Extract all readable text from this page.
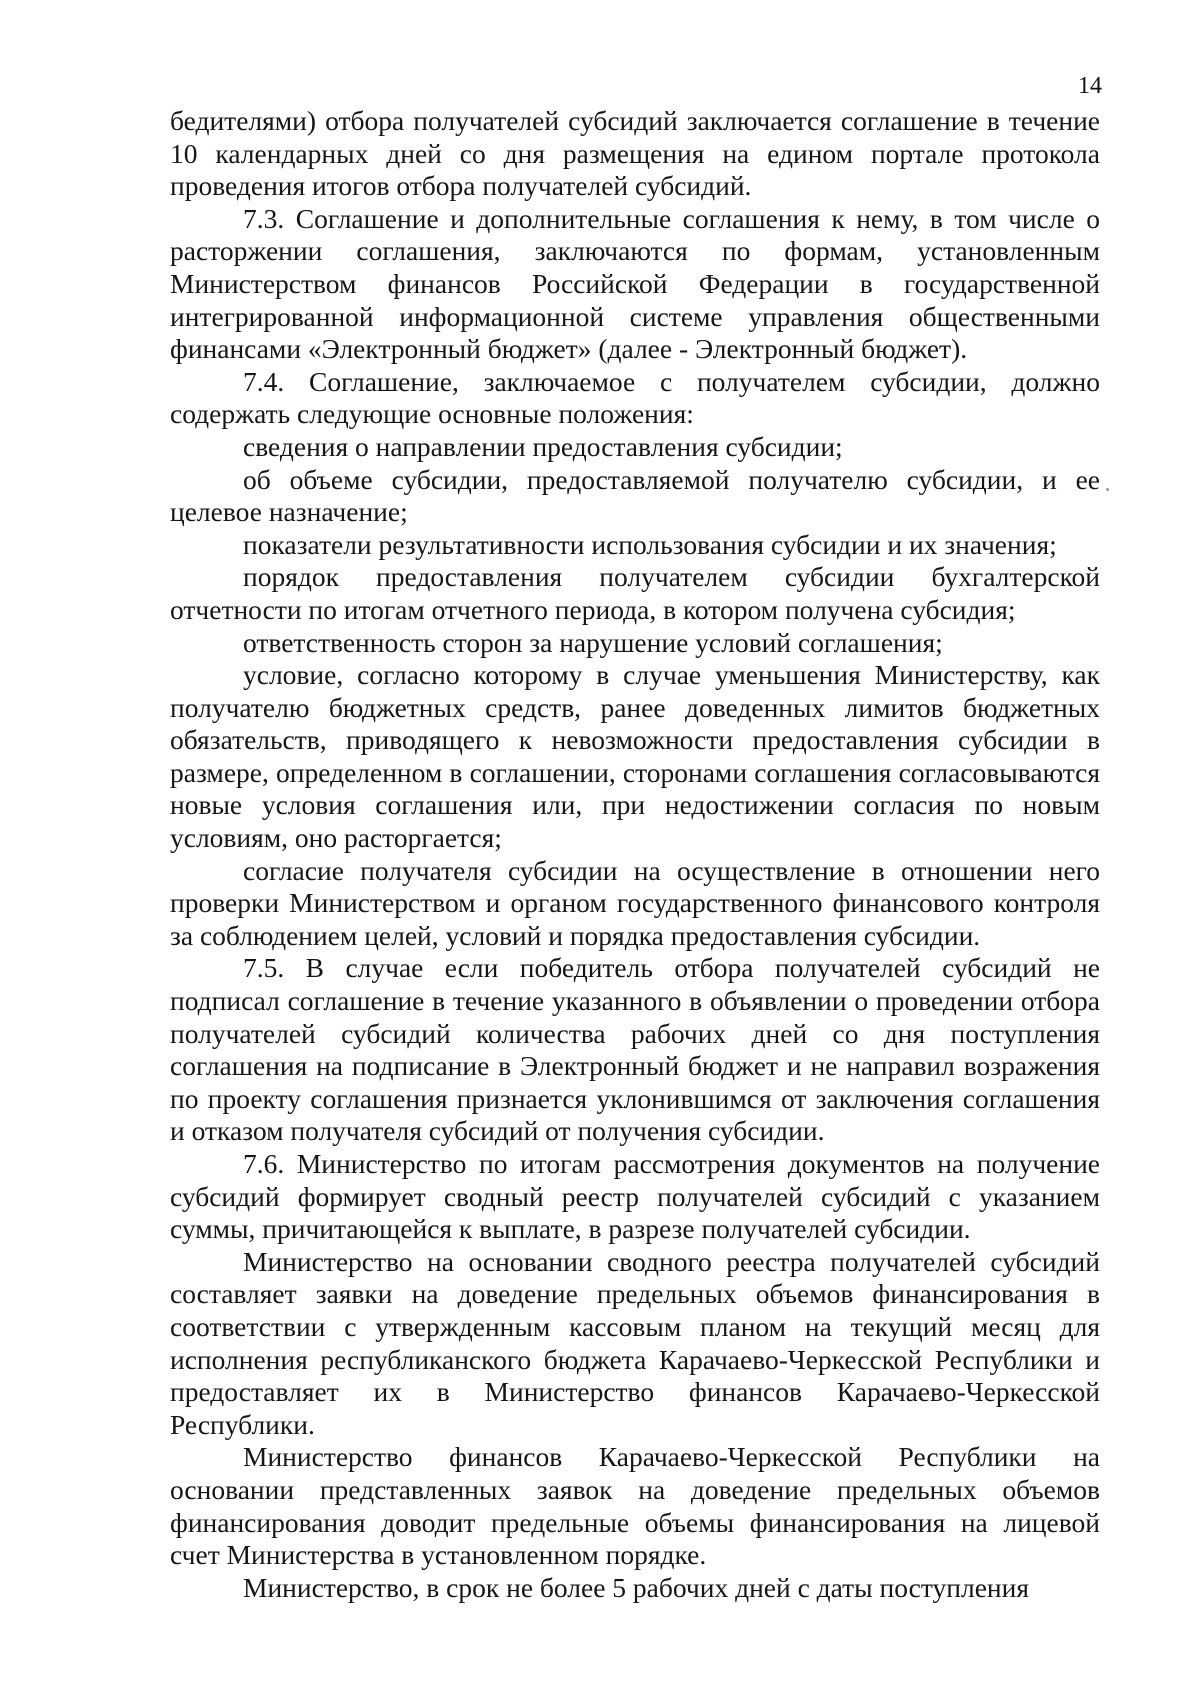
14

бедителями) отбора получателей субсидий заключается соглашение в течение 10 календарных дней со дня размещения на едином портале протокола проведения итогов отбора получателей субсидий.

7.3. Соглашение и дополнительные соглашения к нему, в том числе о расторжении соглашения, заключаются по формам, установленным Министерством финансов Российской Федерации в государственной интегрированной информационной системе управления общественными финансами «Электронный бюджет» (далее - Электронный бюджет).

7.4. Соглашение, заключаемое с получателем субсидии, должно содержать следующие основные положения:

сведения о направлении предоставления субсидии;

об объеме субсидии, предоставляемой получателю субсидии, и ее целевое назначение;

показатели результативности использования субсидии и их значения;

порядок предоставления получателем субсидии бухгалтерской отчетности по итогам отчетного периода, в котором получена субсидия;

ответственность сторон за нарушение условий соглашения;

условие, согласно которому в случае уменьшения Министерству, как получателю бюджетных средств, ранее доведенных лимитов бюджетных обязательств, приводящего к невозможности предоставления субсидии в размере, определенном в соглашении, сторонами соглашения согласовываются новые условия соглашения или, при недостижении согласия по новым условиям, оно расторгается;

согласие получателя субсидии на осуществление в отношении него проверки Министерством и органом государственного финансового контроля за соблюдением целей, условий и порядка предоставления субсидии.

7.5. В случае если победитель отбора получателей субсидий не подписал соглашение в течение указанного в объявлении о проведении отбора получателей субсидий количества рабочих дней со дня поступления соглашения на подписание в Электронный бюджет и не направил возражения по проекту соглашения признается уклонившимся от заключения соглашения и отказом получателя субсидий от получения субсидии.

7.6. Министерство по итогам рассмотрения документов на получение субсидий формирует сводный реестр получателей субсидий с указанием суммы, причитающейся к выплате, в разрезе получателей субсидии.

Министерство на основании сводного реестра получателей субсидий составляет заявки на доведение предельных объемов финансирования в соответствии с утвержденным кассовым планом на текущий месяц для исполнения республиканского бюджета Карачаево-Черкесской Республики и предоставляет их в Министерство финансов Карачаево-Черкесской Республики.

Министерство финансов Карачаево-Черкесской Республики на основании представленных заявок на доведение предельных объемов финансирования доводит предельные объемы финансирования на лицевой счет Министерства в установленном порядке.

Министерство, в срок не более 5 рабочих дней с даты поступления
